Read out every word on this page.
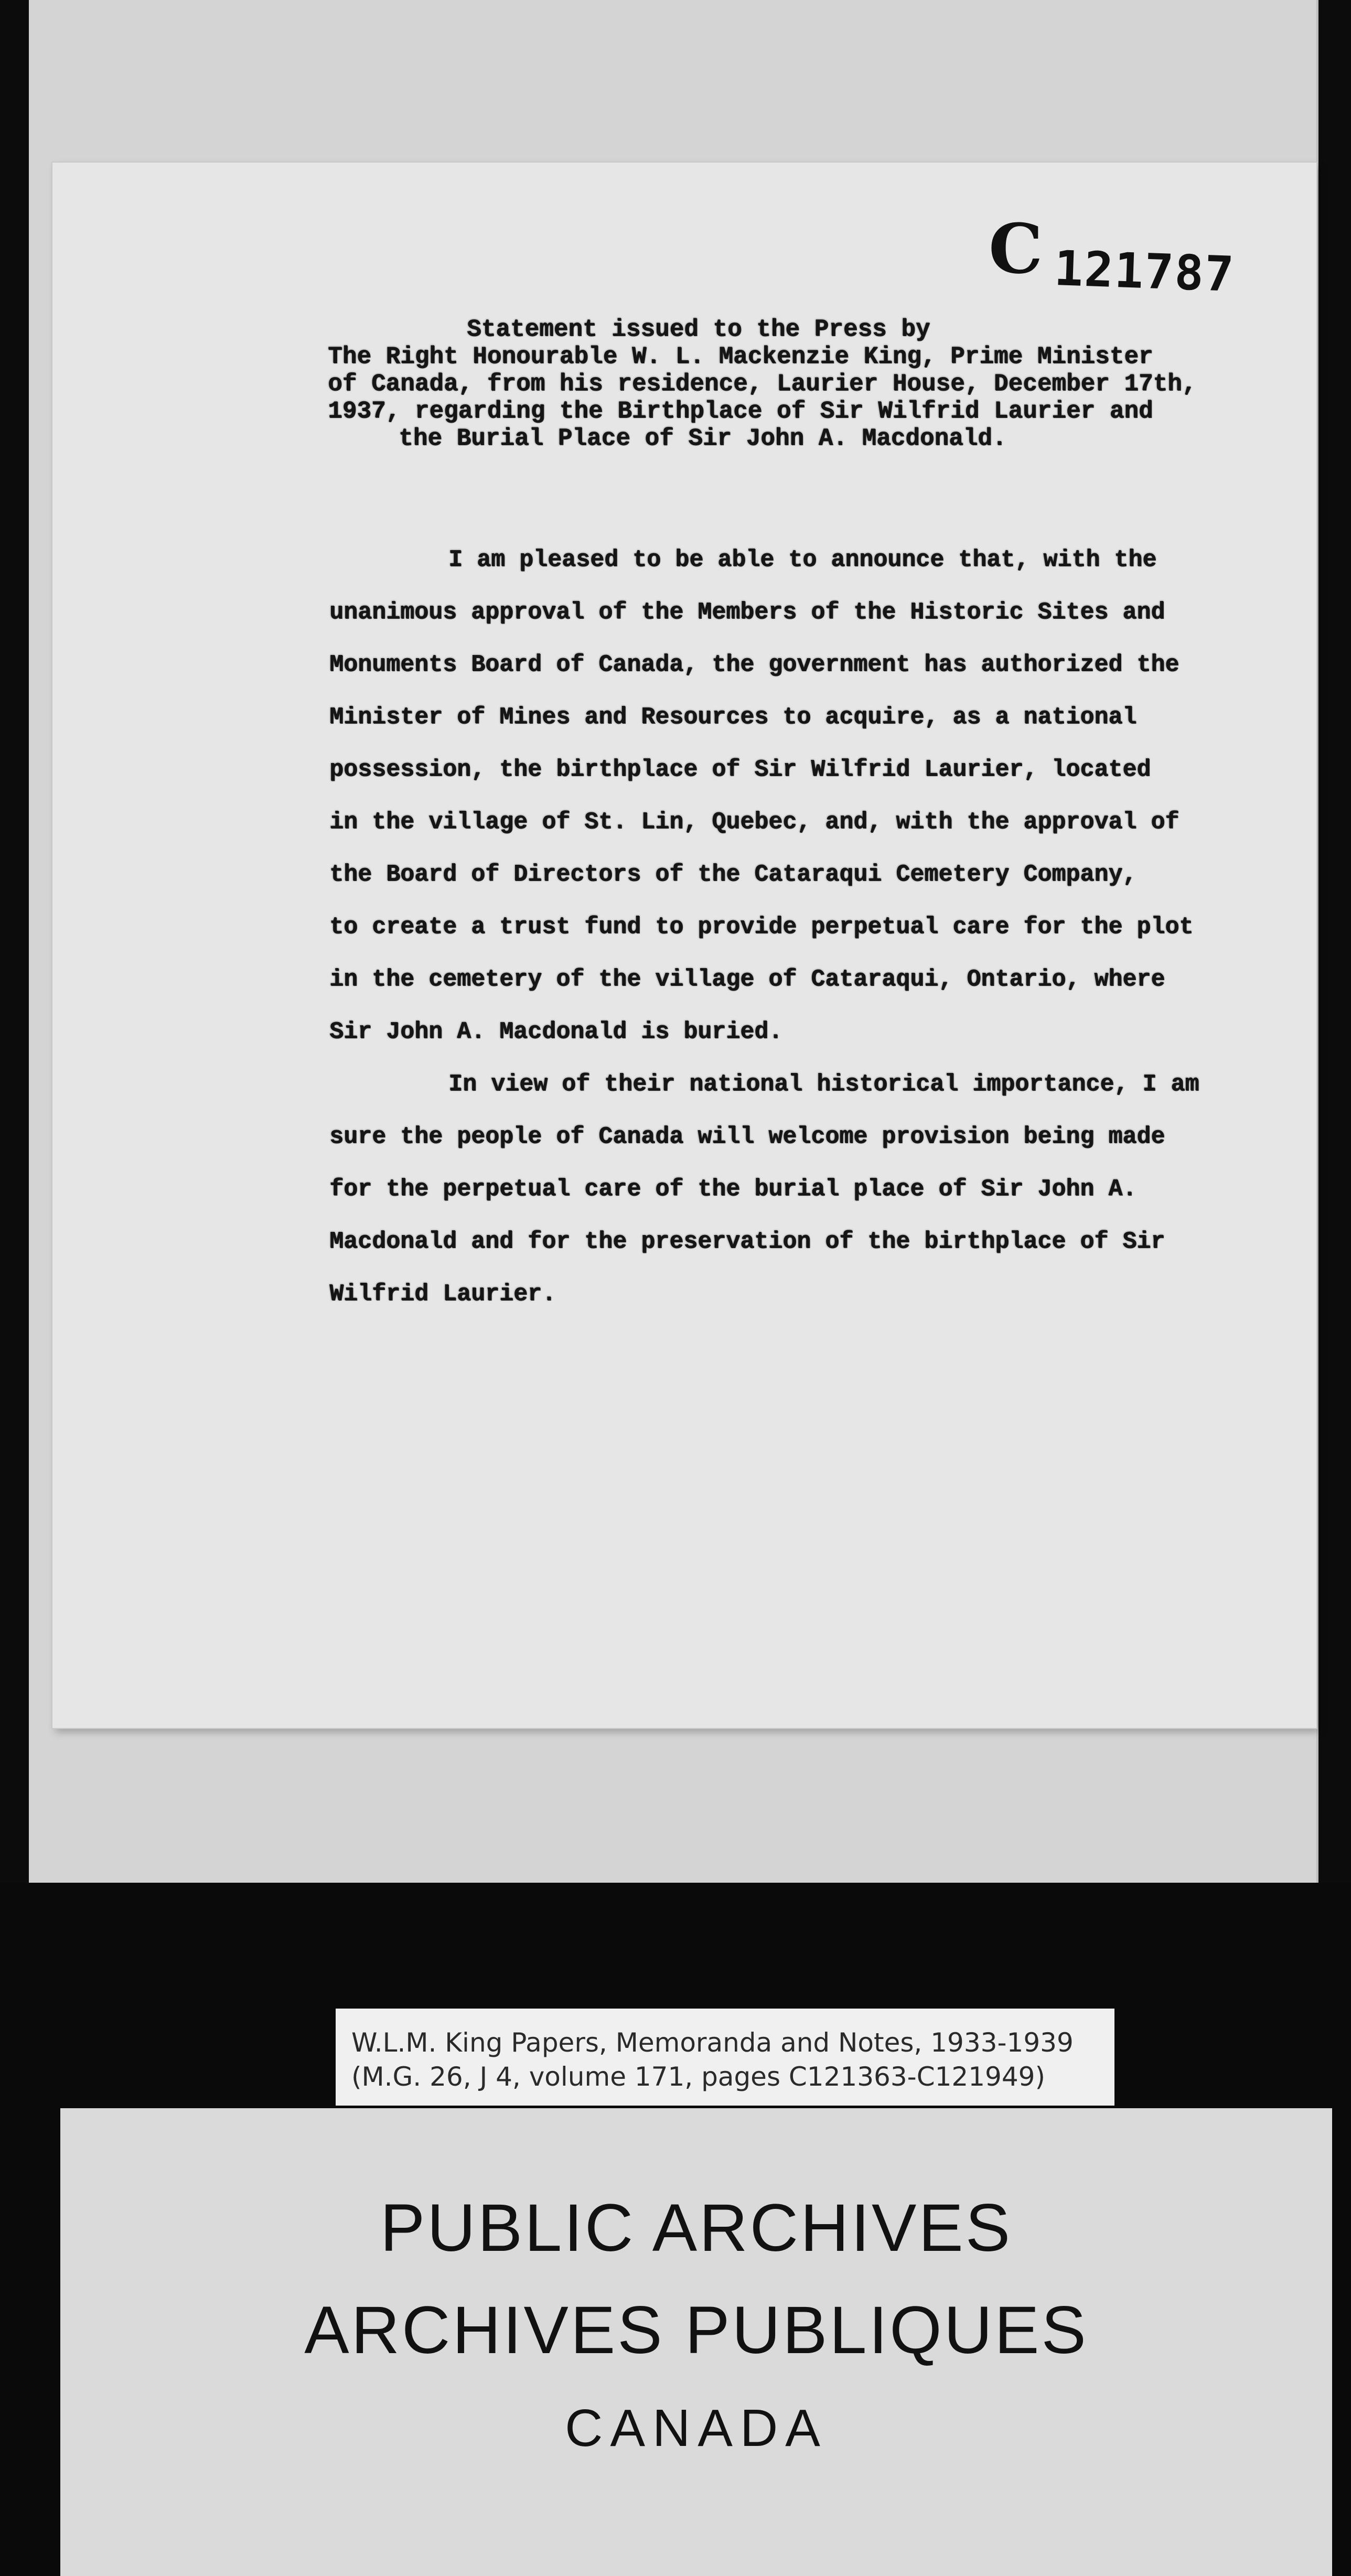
C 121787

Statement issued to the Press by

The Right Honourable W. L. Mackenzie King, Prime Minister

of Canada, from his residence, Laurier House, December 17th,

1937, regarding the Birthplace of Sir Wilfrid Laurier and

the Burial Place of Sir John A. Macdonald.

I am pleased to be able to announce that, with the

unanimous approval of the Members of the Historic Sites and

Monuments Board of Canada, the government has authorized the

Minister of Mines and Resources to acquire, as a national

possession, the birthplace of Sir Wilfrid Laurier, located

in the village of St. Lin, Quebec, and, with the approval of

the Board of Directors of the Cataraqui Cemetery Company,

to create a trust fund to provide perpetual care for the plot

in the cemetery of the village of Cataraqui, Ontario, where

Sir John A. Macdonald is buried.

In view of their national historical importance, I am

sure the people of Canada will welcome provision being made

for the perpetual care of the burial place of Sir John A.

Macdonald and for the preservation of the birthplace of Sir

Wilfrid Laurier.

W.L.M. King Papers, Memoranda and Notes, 1933-1939
(M.G. 26, J 4, volume 171, pages C121363-C121949)
PUBLIC ARCHIVES
ARCHIVES PUBLIQUES
CANADA
